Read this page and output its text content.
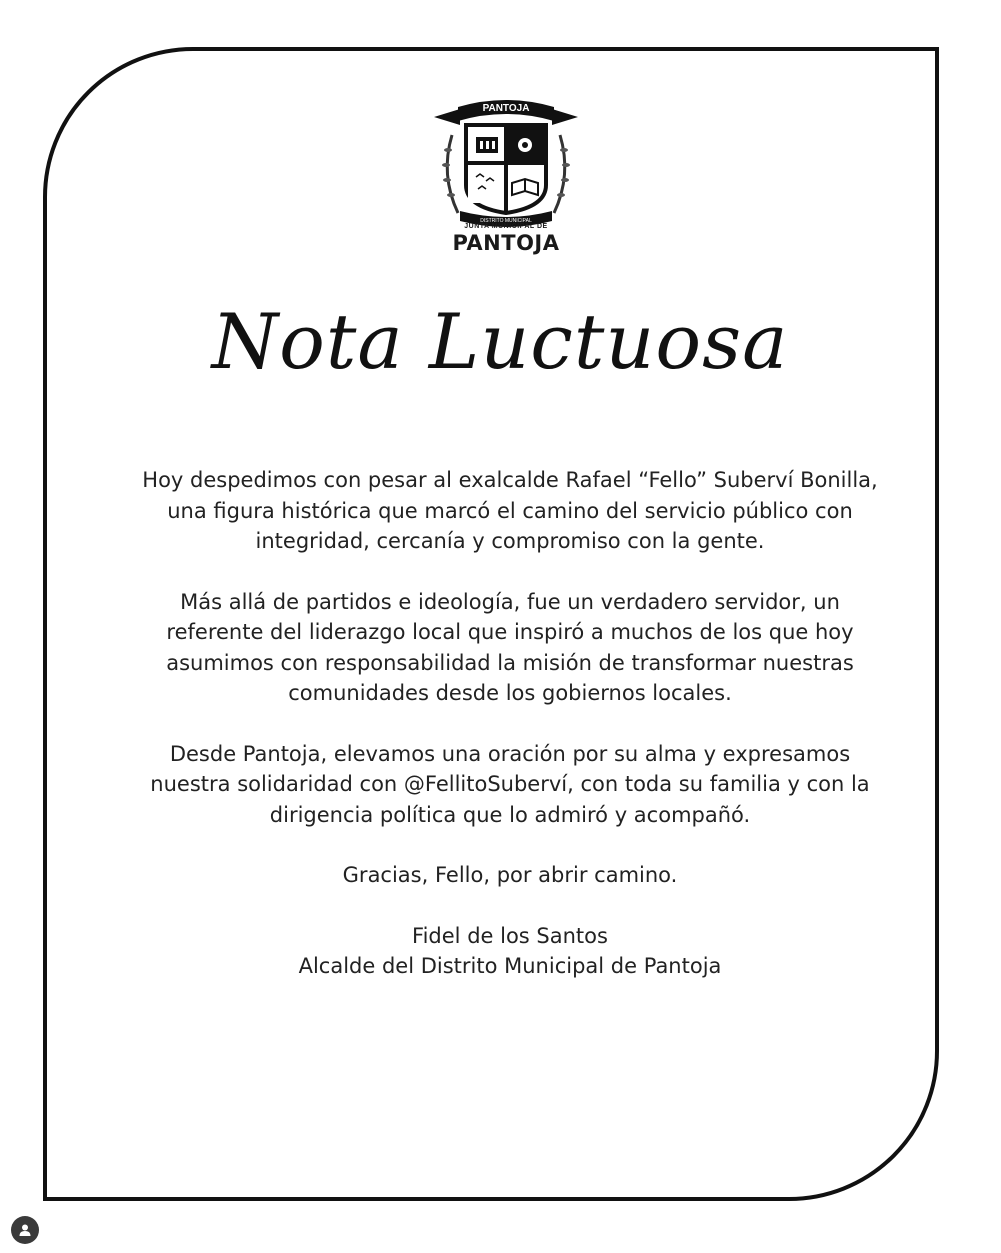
PANTOJA
DISTRITO MUNICIPAL
JUNTA MUNICIPAL DE
PANTOJA
Nota Luctuosa

Hoy despedimos con pesar al exalcalde Rafael “Fello” Suberví Bonilla, una figura histórica que marcó el camino del servicio público con integridad, cercanía y compromiso con la gente.

Más allá de partidos e ideología, fue un verdadero servidor, un referente del liderazgo local que inspiró a muchos de los que hoy asumimos con responsabilidad la misión de transformar nuestras comunidades desde los gobiernos locales.

Desde Pantoja, elevamos una oración por su alma y expresamos nuestra solidaridad con @FellitoSuberví, con toda su familia y con la dirigencia política que lo admiró y acompañó.

Gracias, Fello, por abrir camino.

Fidel de los Santos
Alcalde del Distrito Municipal de Pantoja
